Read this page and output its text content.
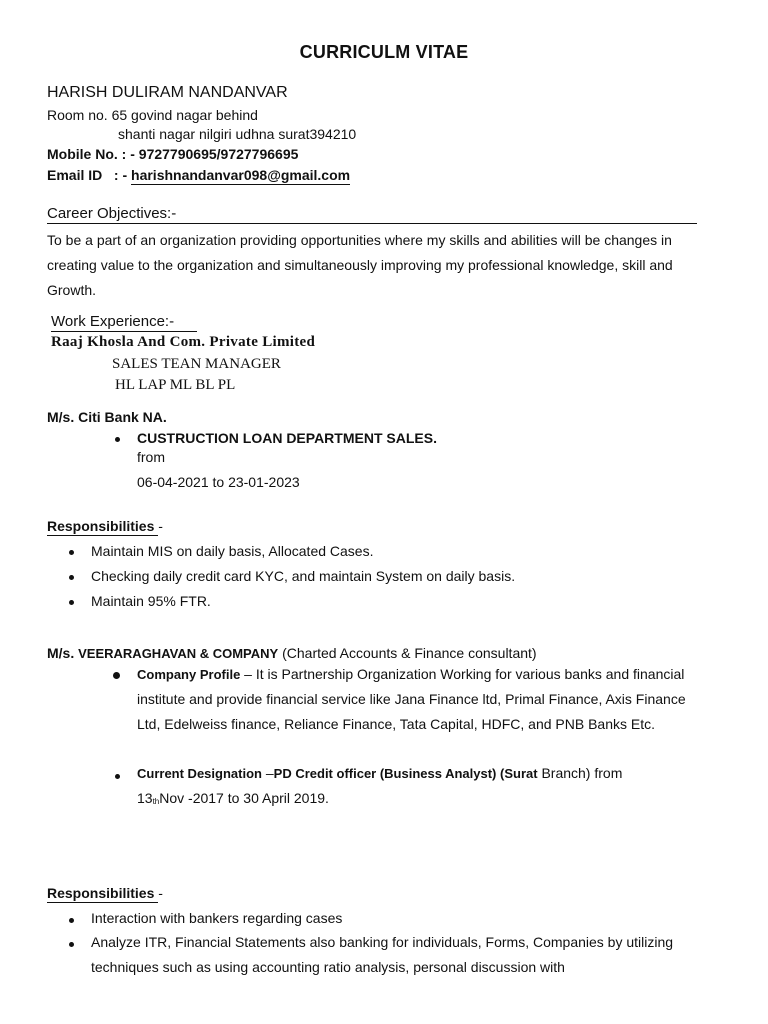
CURRICULM VITAE
HARISH DULIRAM NANDANVAR
Room no. 65 govind nagar behind
shanti nagar nilgiri udhna surat394210
Mobile No. : - 9727790695/9727796695
Email ID   : - harishnandanvar098@gmail.com
Career Objectives:-
To be a part of an organization providing opportunities where my skills and abilities will be changes in creating value to the organization and simultaneously improving my professional knowledge, skill and Growth.
Work Experience:-
Raaj Khosla And Com. Private Limited
SALES TEAN MANAGER
HL LAP ML BL PL
M/s. Citi Bank NA.
CUSTRUCTION LOAN DEPARTMENT SALES.
from
06-04-2021 to 23-01-2023
Responsibilities -
Maintain MIS on daily basis, Allocated Cases.
Checking daily credit card KYC, and maintain System on daily basis.
Maintain 95% FTR.
M/s. VEERARAGHAVAN & COMPANY (Charted Accounts & Finance consultant)
Company Profile – It is Partnership Organization Working for various banks and financial institute and provide financial service like Jana Finance ltd, Primal Finance, Axis Finance Ltd, Edelweiss finance, Reliance Finance, Tata Capital, HDFC, and PNB Banks Etc.
Current Designation –PD Credit officer (Business Analyst) (Surat Branch) from
$13_{th}Nov$ -2017 to 30 April 2019.
Responsibilities -
Interaction with bankers regarding cases
Analyze ITR, Financial Statements also banking for individuals, Forms, Companies by utilizing techniques such as using accounting ratio analysis, personal discussion with
